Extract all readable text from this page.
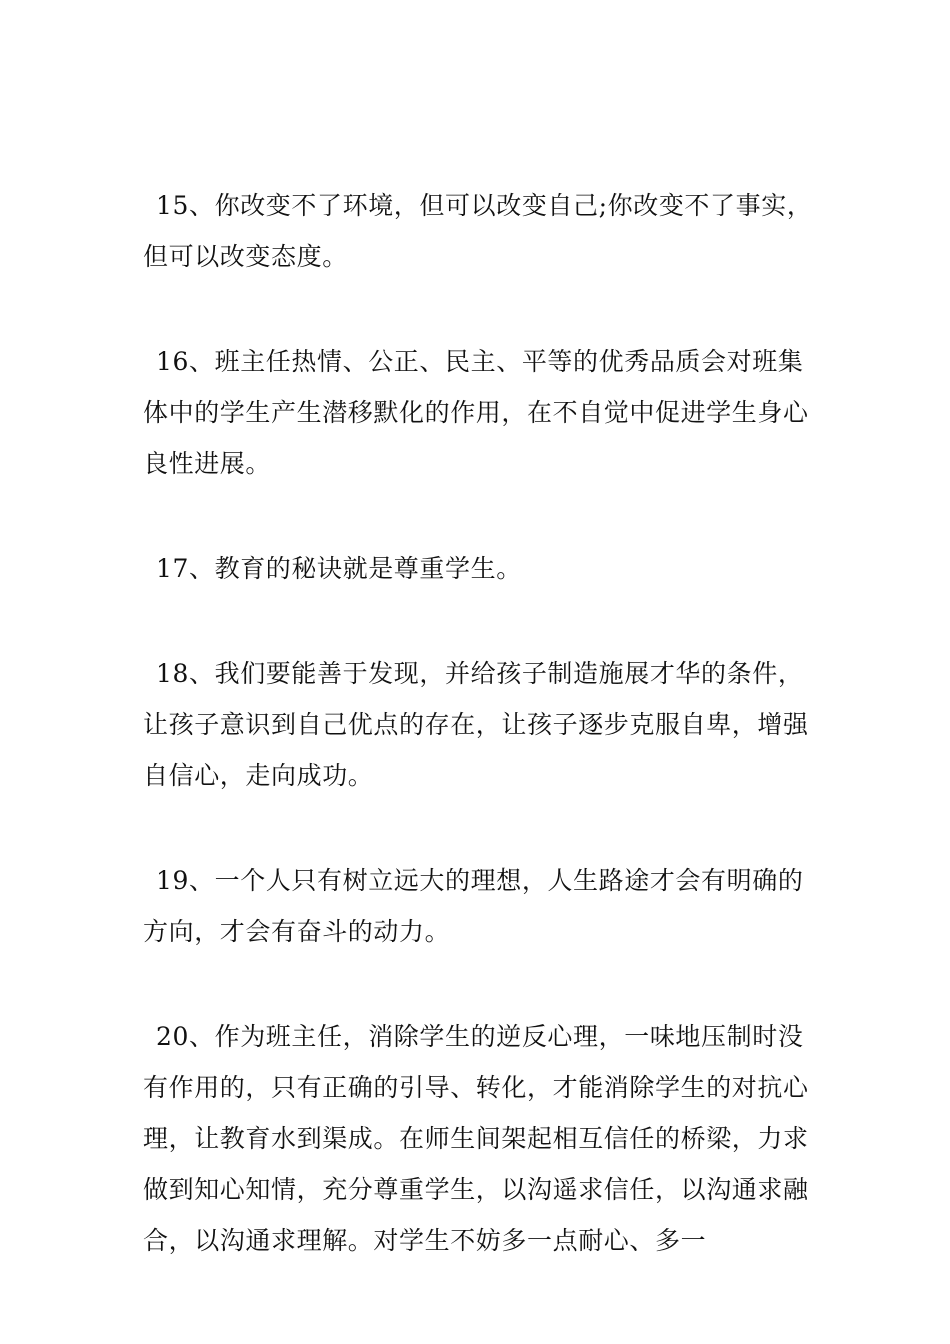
15、你改变不了环境，但可以改变自己;你改变不了事实，但可以改变态度。

16、班主任热情、公正、民主、平等的优秀品质会对班集体中的学生产生潜移默化的作用，在不自觉中促进学生身心良性进展。

17、教育的秘诀就是尊重学生。

18、我们要能善于发现，并给孩子制造施展才华的条件，让孩子意识到自己优点的存在，让孩子逐步克服自卑，增强自信心，走向成功。

19、一个人只有树立远大的理想，人生路途才会有明确的方向，才会有奋斗的动力。

20、作为班主任，消除学生的逆反心理，一味地压制时没有作用的，只有正确的引导、转化，才能消除学生的对抗心理，让教育水到渠成。在师生间架起相互信任的桥梁，力求做到知心知情，充分尊重学生，以沟遥求信任，以沟通求融合，以沟通求理解。对学生不妨多一点耐心、多一
